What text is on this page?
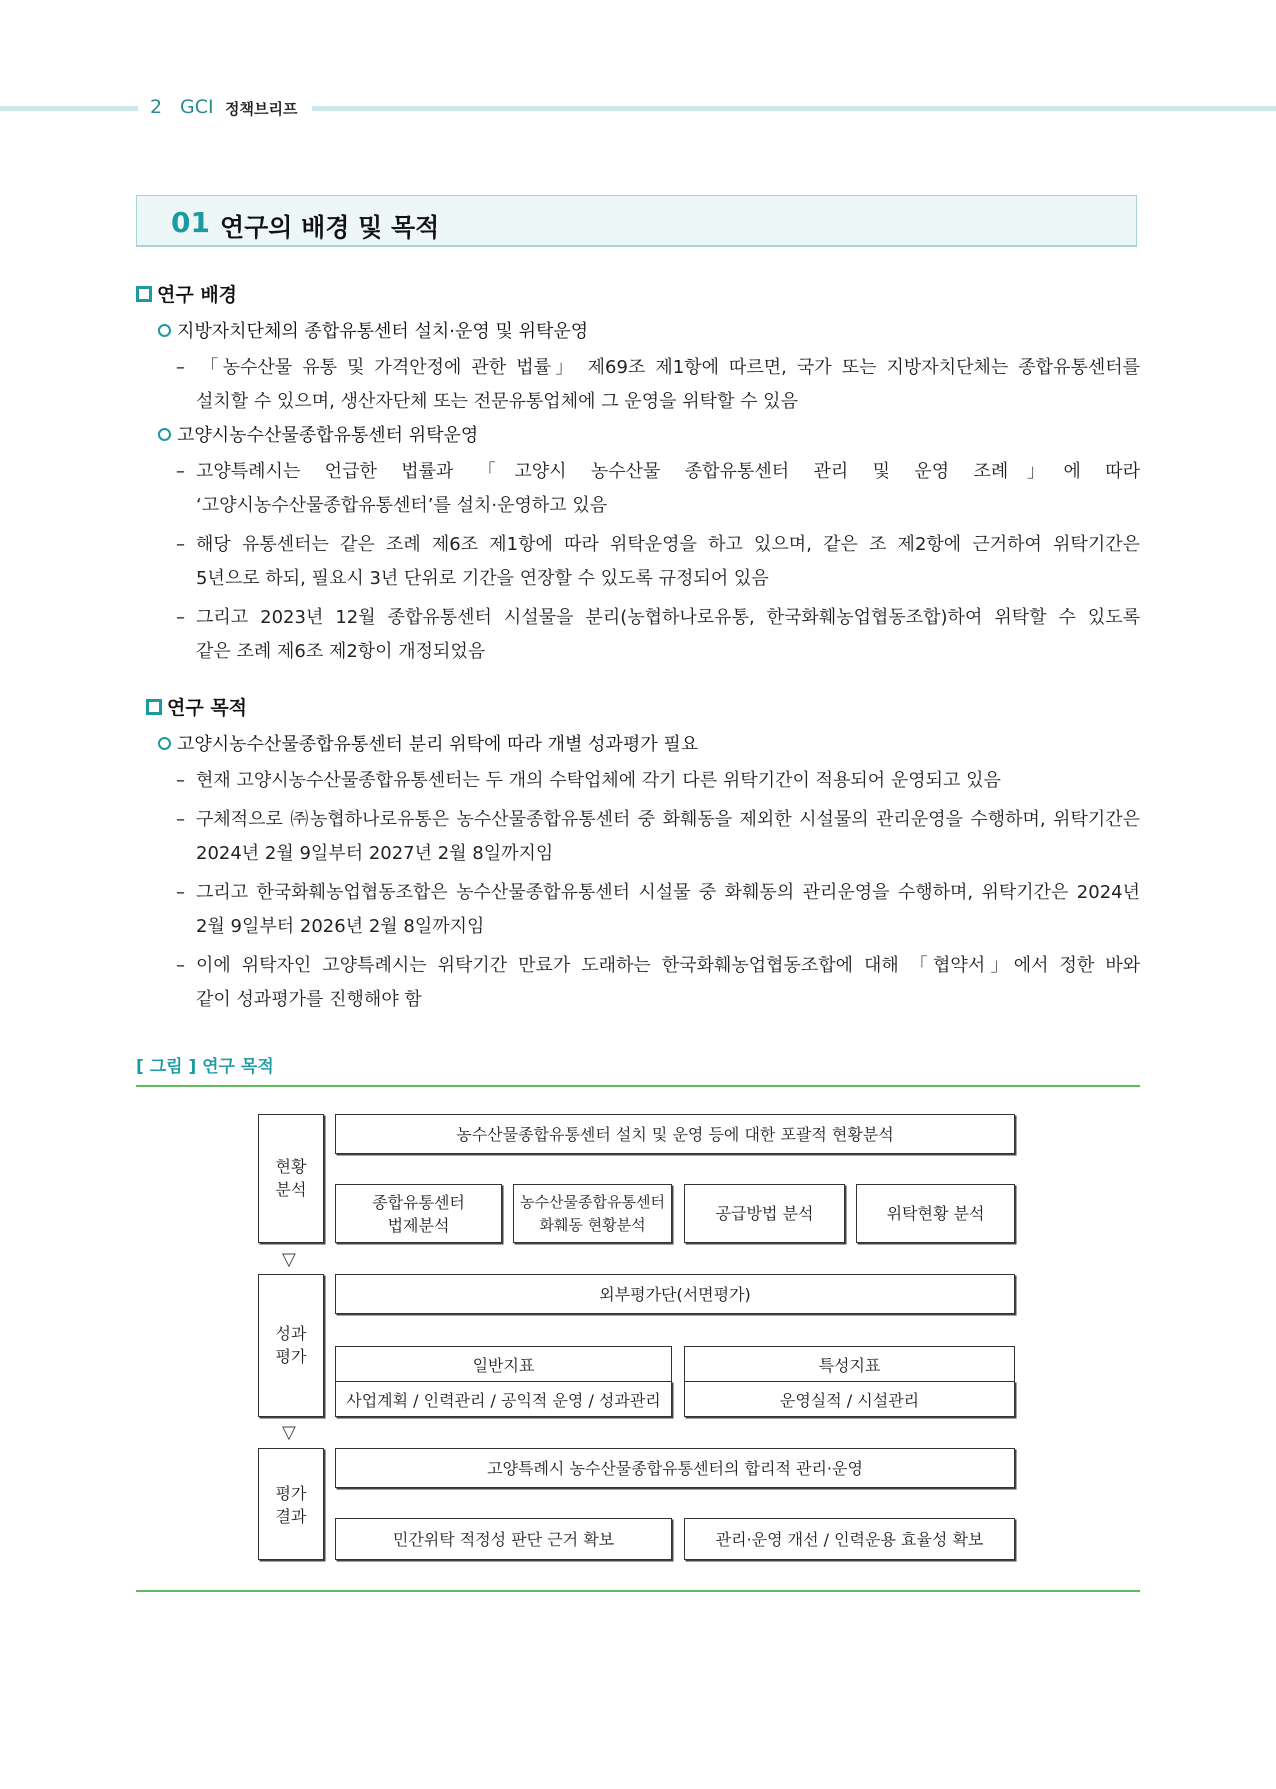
2 GCI 정책브리프
01 연구의 배경 및 목적
연구 배경
지방자치단체의 종합유통센터 설치·운영 및 위탁운영
– 「농수산물 유통 및 가격안정에 관한 법률」 제69조 제1항에 따르면, 국가 또는 지방자치단체는 종합유통센터를
설치할 수 있으며, 생산자단체 또는 전문유통업체에 그 운영을 위탁할 수 있음
고양시농수산물종합유통센터 위탁운영
– 고양특례시는 언급한 법률과 「고양시 농수산물 종합유통센터 관리 및 운영 조례」에 따라
‘고양시농수산물종합유통센터’를 설치·운영하고 있음
– 해당 유통센터는 같은 조례 제6조 제1항에 따라 위탁운영을 하고 있으며, 같은 조 제2항에 근거하여 위탁기간은
5년으로 하되, 필요시 3년 단위로 기간을 연장할 수 있도록 규정되어 있음
– 그리고 2023년 12월 종합유통센터 시설물을 분리(농협하나로유통, 한국화훼농업협동조합)하여 위탁할 수 있도록
같은 조례 제6조 제2항이 개정되었음
연구 목적
고양시농수산물종합유통센터 분리 위탁에 따라 개별 성과평가 필요
– 현재 고양시농수산물종합유통센터는 두 개의 수탁업체에 각기 다른 위탁기간이 적용되어 운영되고 있음
– 구체적으로 ㈜농협하나로유통은 농수산물종합유통센터 중 화훼동을 제외한 시설물의 관리운영을 수행하며, 위탁기간은
2024년 2월 9일부터 2027년 2월 8일까지임
– 그리고 한국화훼농업협동조합은 농수산물종합유통센터 시설물 중 화훼동의 관리운영을 수행하며, 위탁기간은 2024년
2월 9일부터 2026년 2월 8일까지임
– 이에 위탁자인 고양특례시는 위탁기간 만료가 도래하는 한국화훼농업협동조합에 대해 「협약서」에서 정한 바와
같이 성과평가를 진행해야 함
[ 그림 ] 연구 목적
현황
분석
농수산물종합유통센터 설치 및 운영 등에 대한 포괄적 현황분석
종합유통센터
법제분석
농수산물종합유통센터
화훼동 현황분석
공급방법 분석	위탁현황 분석
▽
성과
평가
외부평가단(서면평가)
일반지표
사업계획 / 인력관리 / 공익적 운영 / 성과관리
특성지표
운영실적 / 시설관리
▽
평가
결과
고양특례시 농수산물종합유통센터의 합리적 관리·운영
민간위탁 적정성 판단 근거 확보	관리·운영 개선 / 인력운용 효율성 확보
